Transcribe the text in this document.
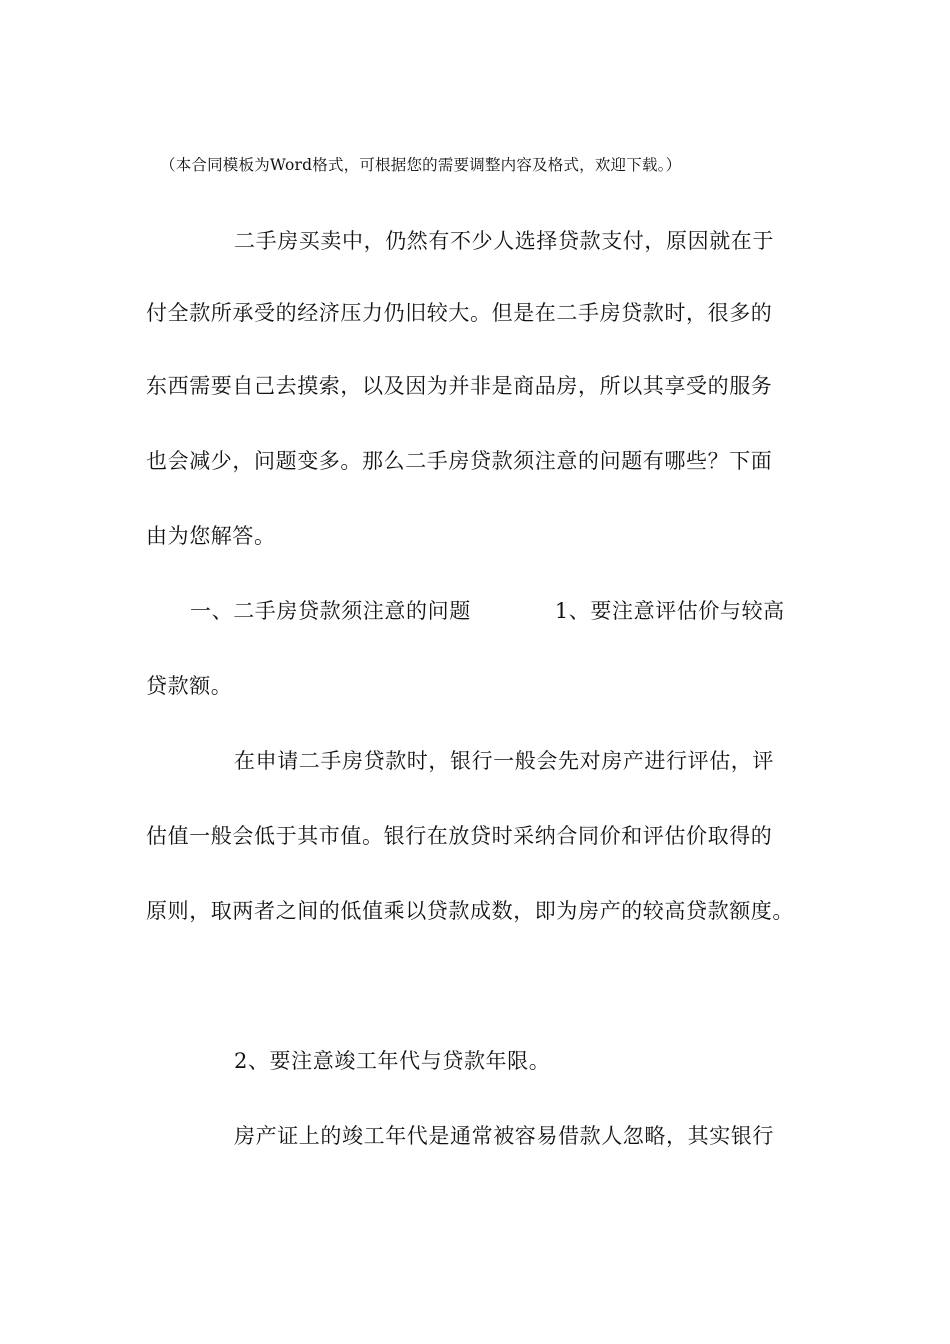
（本合同模板为Word格式，可根据您的需要调整内容及格式，欢迎下载。）
二手房买卖中，仍然有不少人选择贷款支付，原因就在于
付全款所承受的经济压力仍旧较大。但是在二手房贷款时，很多的
东西需要自己去摸索，以及因为并非是商品房，所以其享受的服务
也会减少，问题变多。那么二手房贷款须注意的问题有哪些？下面
由为您解答。
一、二手房贷款须注意的问题	1、要注意评估价与较高
贷款额。
在申请二手房贷款时，银行一般会先对房产进行评估，评
估值一般会低于其市值。银行在放贷时采纳合同价和评估价取得的
原则，取两者之间的低值乘以贷款成数，即为房产的较高贷款额度。
2、要注意竣工年代与贷款年限。
房产证上的竣工年代是通常被容易借款人忽略，其实银行
